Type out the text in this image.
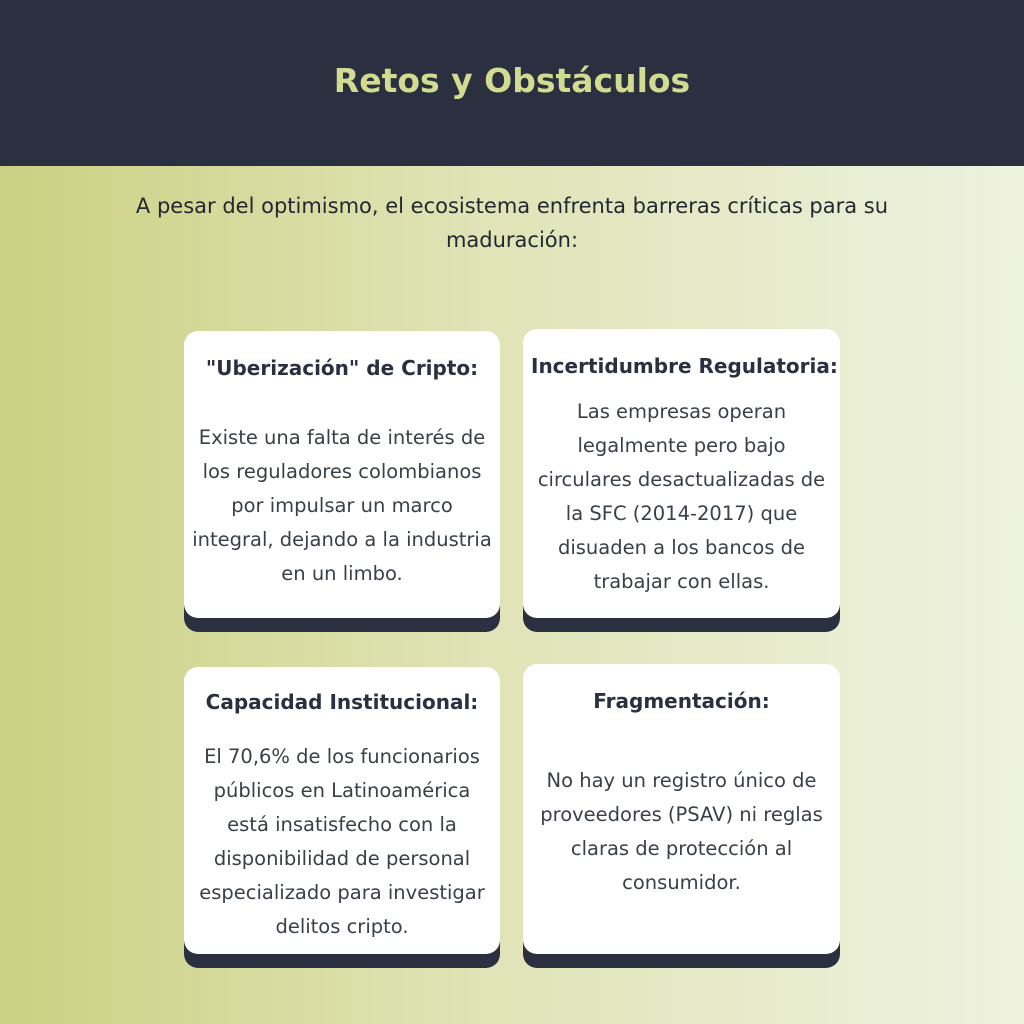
Retos y Obstáculos

A pesar del optimismo, el ecosistema enfrenta barreras críticas para su maduración:

"Uberización" de Cripto:

Existe una falta de interés de los reguladores colombianos por impulsar un marco integral, dejando a la industria en un limbo.

Incertidumbre Regulatoria:

Las empresas operan legalmente pero bajo circulares desactualizadas de la SFC (2014-2017) que disuaden a los bancos de trabajar con ellas.

Capacidad Institucional:

El 70,6% de los funcionarios públicos en Latinoamérica está insatisfecho con la disponibilidad de personal especializado para investigar delitos cripto.

Fragmentación:

No hay un registro único de proveedores (PSAV) ni reglas claras de protección al consumidor.
